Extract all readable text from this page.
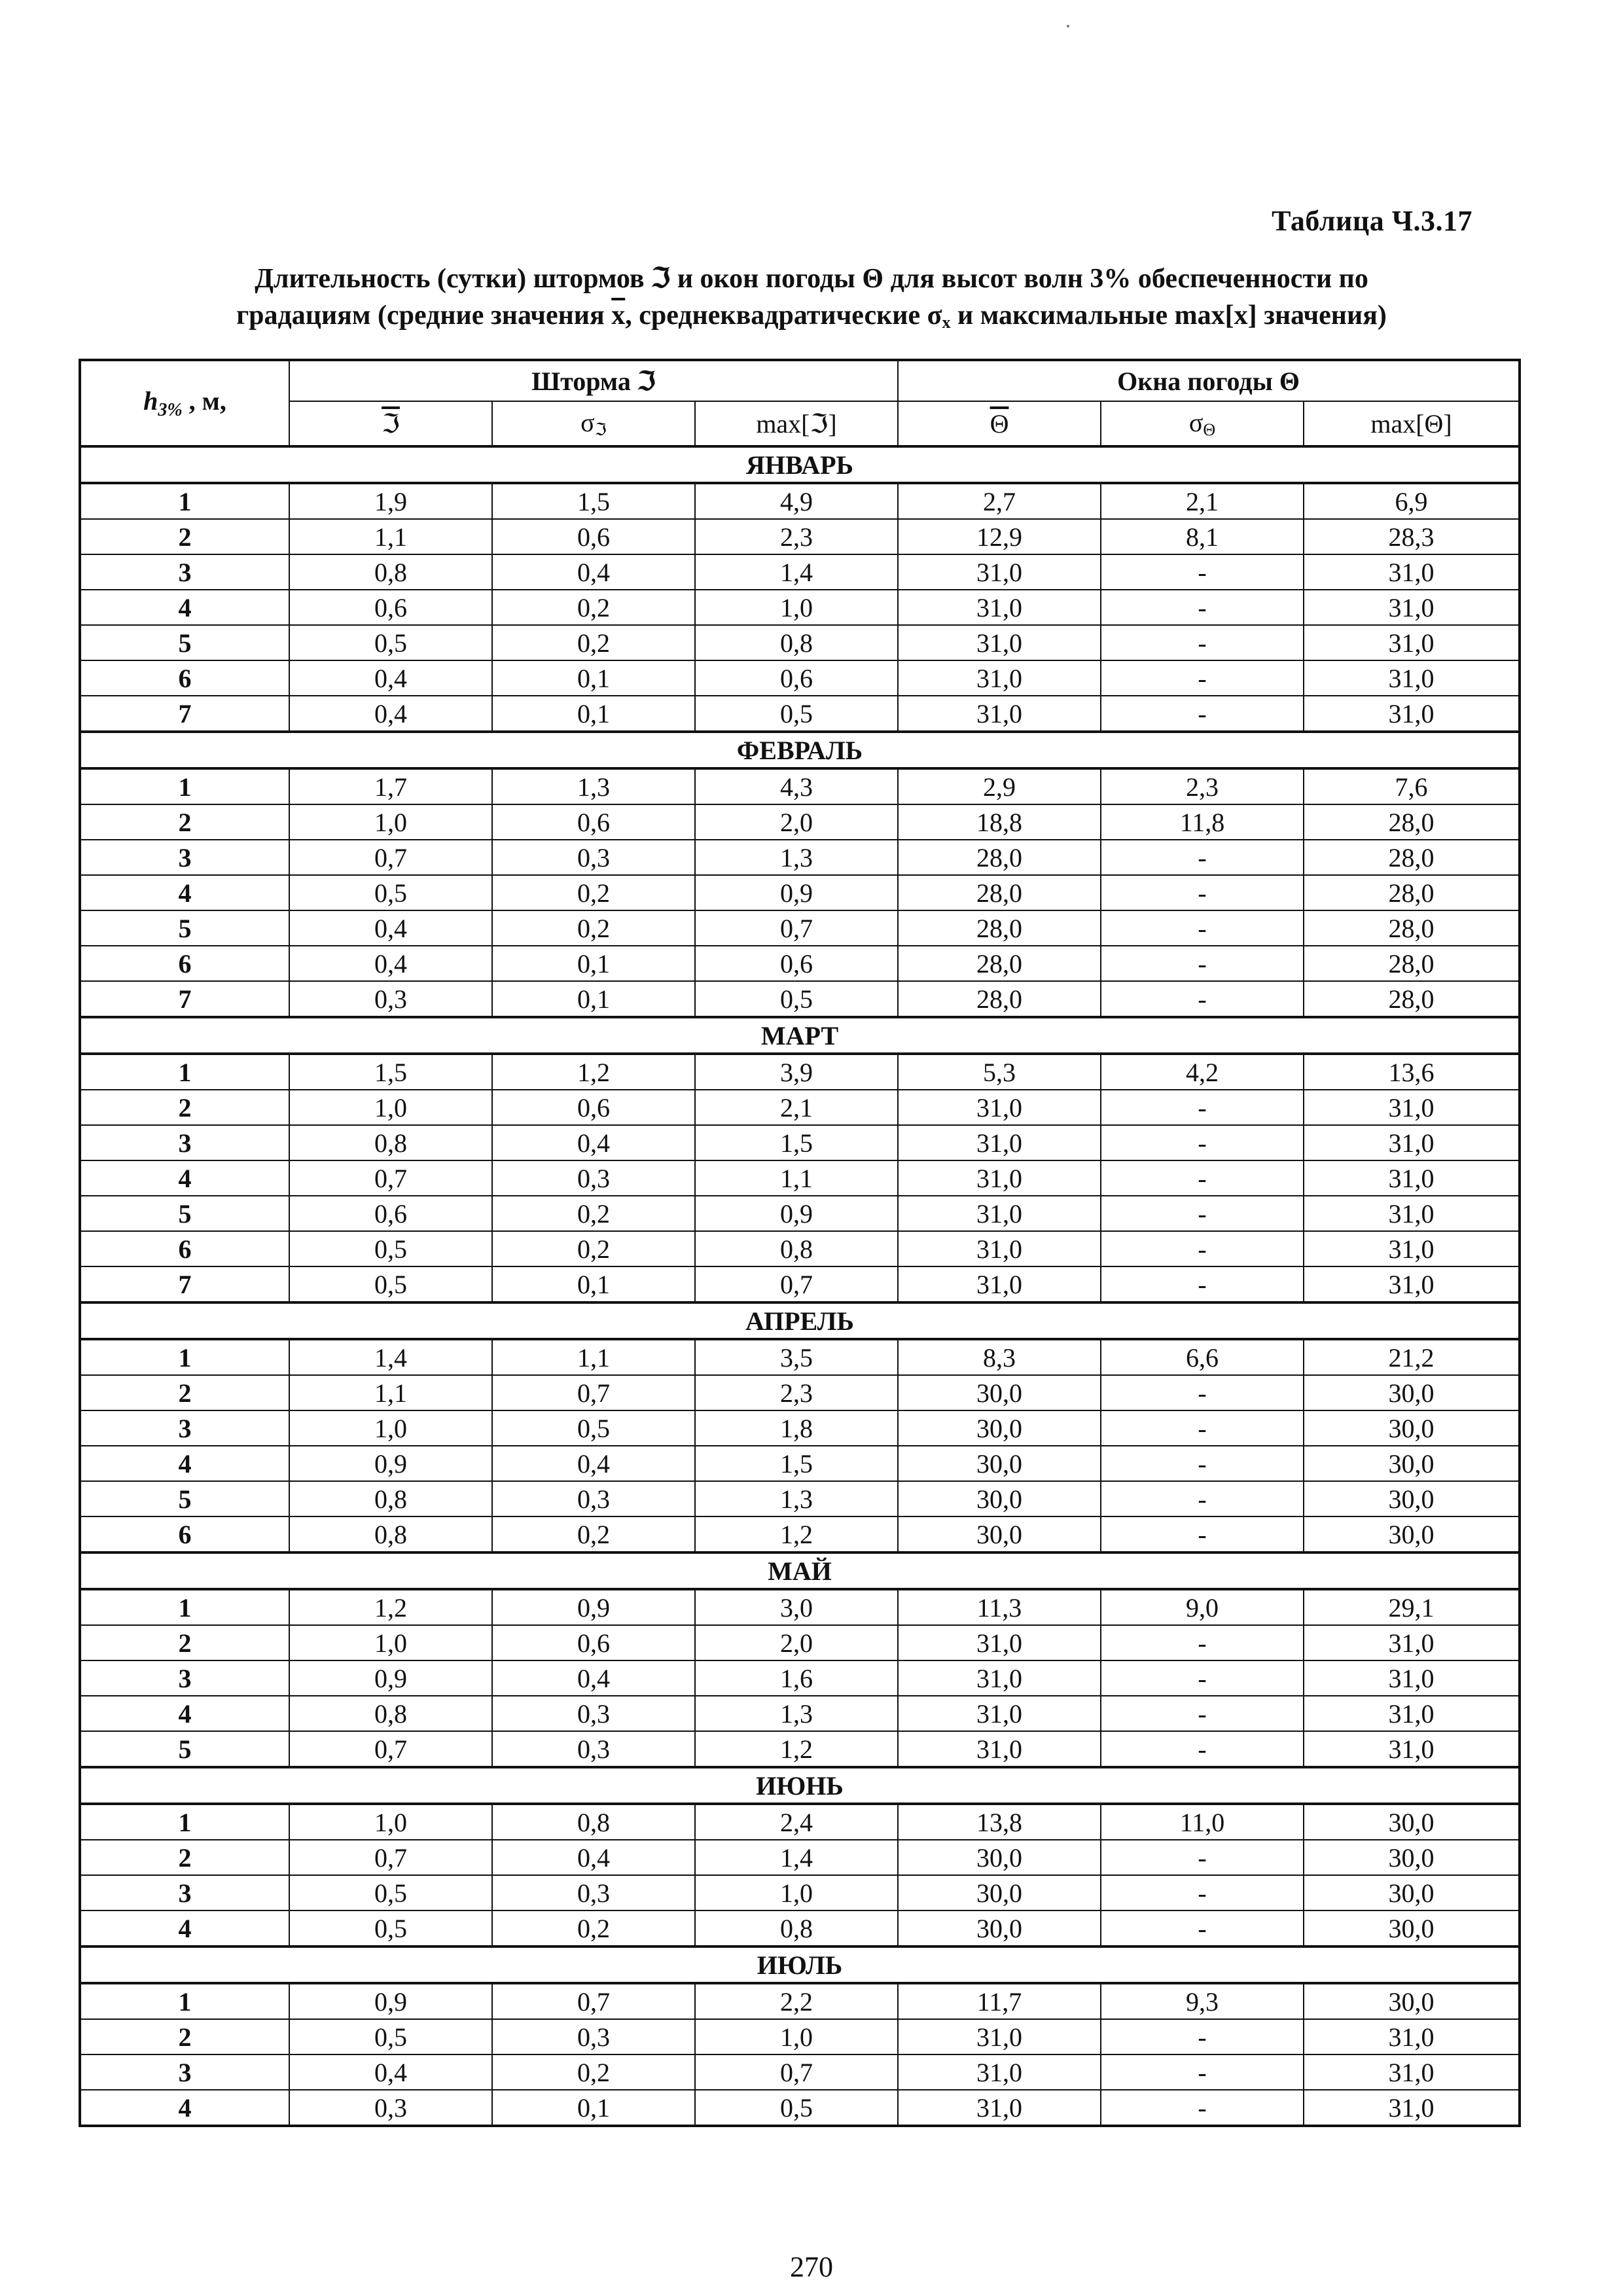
Таблица Ч.3.17
Длительность (сутки) штормов ℑ и окон погоды Θ для высот волн 3% обеспеченности по
градациям (средние значения $\overline{x}$, среднеквадратические $\sigma_x$ и максимальные max[x] значения)
$h_{3\%}$ , м,	Шторма ℑ			Окна погоды Θ		
	ℑ	$\sigma_ℑ$	max[ℑ]	$\overline{\Theta}$	$\sigma_\Theta$	max[Θ]
ЯНВАРЬ						
1	1,9	1,5	4,9	2,7	2,1	6,9
2	1,1	0,6	2,3	12,9	8,1	28,3
3	0,8	0,4	1,4	31,0	-	31,0
4	0,6	0,2	1,0	31,0	-	31,0
5	0,5	0,2	0,8	31,0	-	31,0
6	0,4	0,1	0,6	31,0	-	31,0
7	0,4	0,1	0,5	31,0	-	31,0
ФЕВРАЛЬ						
1	1,7	1,3	4,3	2,9	2,3	7,6
2	1,0	0,6	2,0	18,8	11,8	28,0
3	0,7	0,3	1,3	28,0	-	28,0
4	0,5	0,2	0,9	28,0	-	28,0
5	0,4	0,2	0,7	28,0	-	28,0
6	0,4	0,1	0,6	28,0	-	28,0
7	0,3	0,1	0,5	28,0	-	28,0
МАРТ						
1	1,5	1,2	3,9	5,3	4,2	13,6
2	1,0	0,6	2,1	31,0	-	31,0
3	0,8	0,4	1,5	31,0	-	31,0
4	0,7	0,3	1,1	31,0	-	31,0
5	0,6	0,2	0,9	31,0	-	31,0
6	0,5	0,2	0,8	31,0	-	31,0
7	0,5	0,1	0,7	31,0	-	31,0
АПРЕЛЬ						
1	1,4	1,1	3,5	8,3	6,6	21,2
2	1,1	0,7	2,3	30,0	-	30,0
3	1,0	0,5	1,8	30,0	-	30,0
4	0,9	0,4	1,5	30,0	-	30,0
5	0,8	0,3	1,3	30,0	-	30,0
6	0,8	0,2	1,2	30,0	-	30,0
МАЙ						
1	1,2	0,9	3,0	11,3	9,0	29,1
2	1,0	0,6	2,0	31,0	-	31,0
3	0,9	0,4	1,6	31,0	-	31,0
4	0,8	0,3	1,3	31,0	-	31,0
5	0,7	0,3	1,2	31,0	-	31,0
ИЮНЬ						
1	1,0	0,8	2,4	13,8	11,0	30,0
2	0,7	0,4	1,4	30,0	-	30,0
3	0,5	0,3	1,0	30,0	-	30,0
4	0,5	0,2	0,8	30,0	-	30,0
ИЮЛЬ						
1	0,9	0,7	2,2	11,7	9,3	30,0
2	0,5	0,3	1,0	31,0	-	31,0
3	0,4	0,2	0,7	31,0	-	31,0
4	0,3	0,1	0,5	31,0	-	31,0
270
